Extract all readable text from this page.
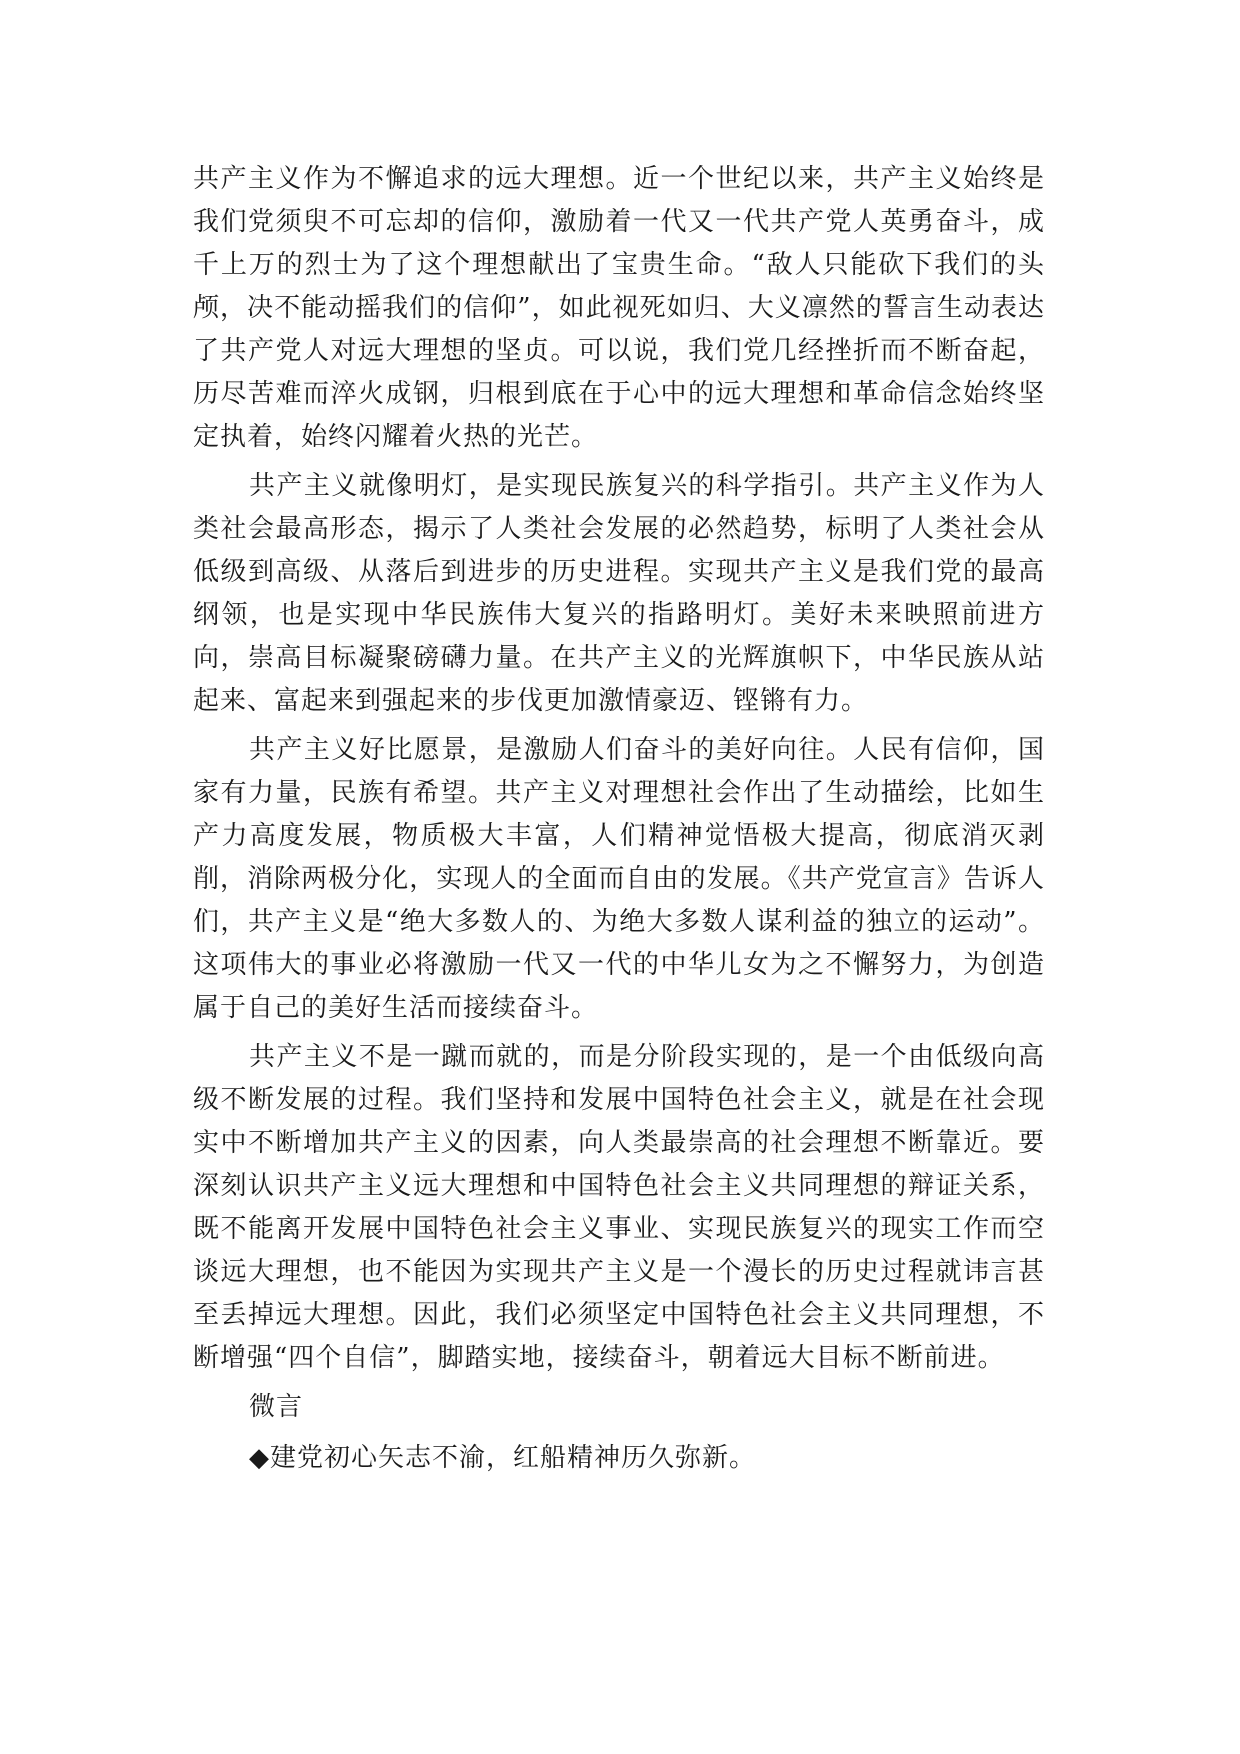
共产主义作为不懈追求的远大理想。近一个世纪以来，共产主义始终是我们党须臾不可忘却的信仰，激励着一代又一代共产党人英勇奋斗，成千上万的烈士为了这个理想献出了宝贵生命。“敌人只能砍下我们的头颅，决不能动摇我们的信仰”，如此视死如归、大义凛然的誓言生动表达了共产党人对远大理想的坚贞。可以说，我们党几经挫折而不断奋起，历尽苦难而淬火成钢，归根到底在于心中的远大理想和革命信念始终坚定执着，始终闪耀着火热的光芒。

共产主义就像明灯，是实现民族复兴的科学指引。共产主义作为人类社会最高形态，揭示了人类社会发展的必然趋势，标明了人类社会从低级到高级、从落后到进步的历史进程。实现共产主义是我们党的最高纲领，也是实现中华民族伟大复兴的指路明灯。美好未来映照前进方向，崇高目标凝聚磅礴力量。在共产主义的光辉旗帜下，中华民族从站起来、富起来到强起来的步伐更加激情豪迈、铿锵有力。

共产主义好比愿景，是激励人们奋斗的美好向往。人民有信仰，国家有力量，民族有希望。共产主义对理想社会作出了生动描绘，比如生产力高度发展，物质极大丰富，人们精神觉悟极大提高，彻底消灭剥削，消除两极分化，实现人的全面而自由的发展。《共产党宣言》告诉人们，共产主义是“绝大多数人的、为绝大多数人谋利益的独立的运动”。这项伟大的事业必将激励一代又一代的中华儿女为之不懈努力，为创造属于自己的美好生活而接续奋斗。

共产主义不是一蹴而就的，而是分阶段实现的，是一个由低级向高级不断发展的过程。我们坚持和发展中国特色社会主义，就是在社会现实中不断增加共产主义的因素，向人类最崇高的社会理想不断靠近。要深刻认识共产主义远大理想和中国特色社会主义共同理想的辩证关系，既不能离开发展中国特色社会主义事业、实现民族复兴的现实工作而空谈远大理想，也不能因为实现共产主义是一个漫长的历史过程就讳言甚至丢掉远大理想。因此，我们必须坚定中国特色社会主义共同理想，不断增强“四个自信”，脚踏实地，接续奋斗，朝着远大目标不断前进。

微言

◆建党初心矢志不渝，红船精神历久弥新。
